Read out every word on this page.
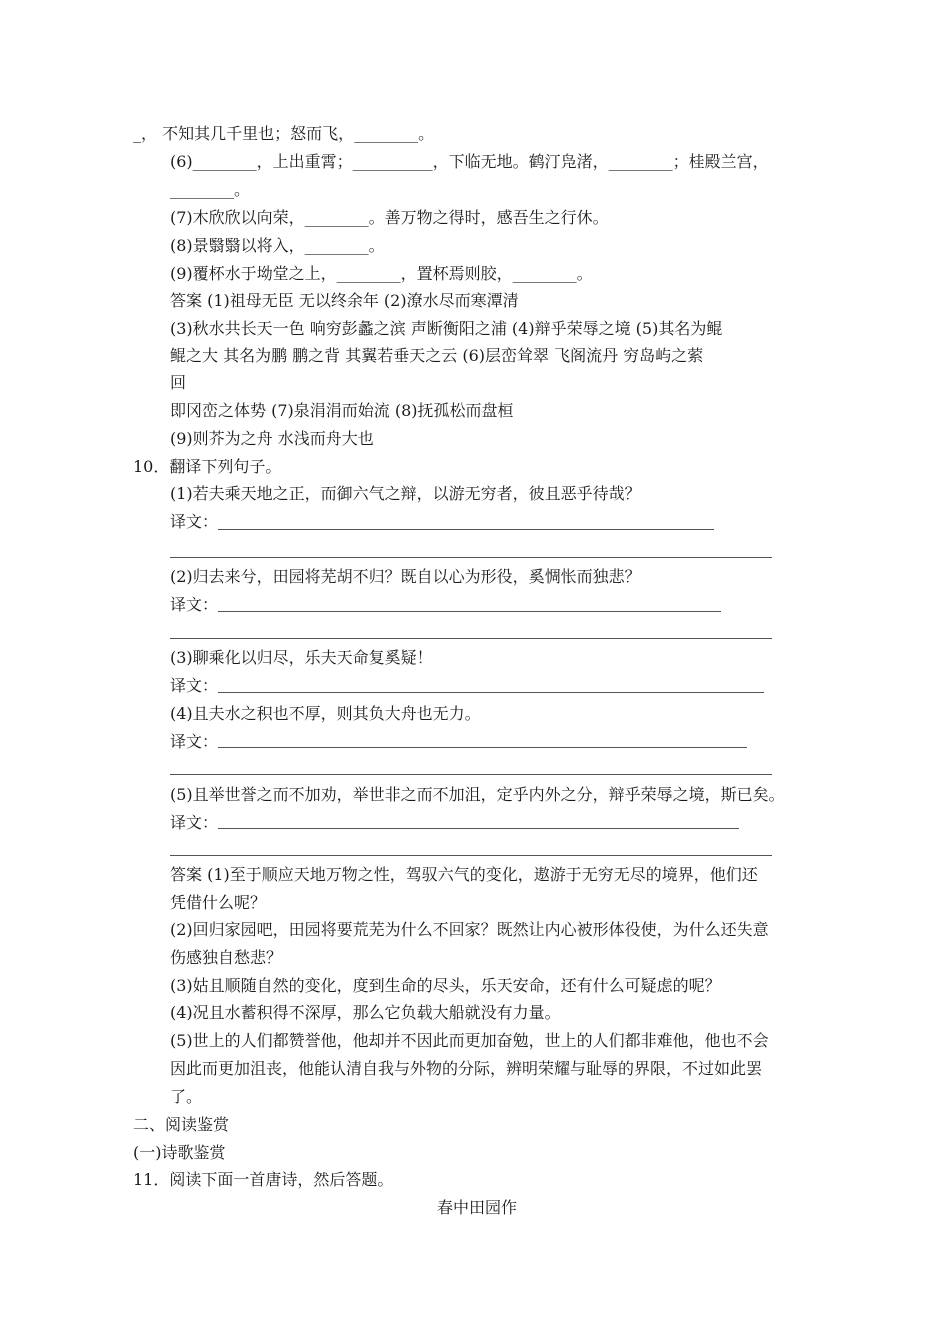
_， 不知其几千里也；怒而飞，________。
(6)________，上出重霄；__________，下临无地。鹤汀凫渚，________；桂殿兰宫，
________。
(7)木欣欣以向荣，________。善万物之得时，感吾生之行休。
(8)景翳翳以将入，________。
(9)覆杯水于坳堂之上，________，置杯焉则胶，________。
答案 (1)祖母无臣 无以终余年 (2)潦水尽而寒潭清
(3)秋水共长天一色 响穷彭蠡之滨 声断衡阳之浦 (4)辩乎荣辱之境 (5)其名为鲲
鲲之大 其名为鹏 鹏之背 其翼若垂天之云 (6)层峦耸翠 飞阁流丹 穷岛屿之萦
回
即冈峦之体势 (7)泉涓涓而始流 (8)抚孤松而盘桓
(9)则芥为之舟 水浅而舟大也
10．翻译下列句子。
(1)若夫乘天地之正，而御六气之辩，以游无穷者，彼且恶乎待哉？
译文：
(2)归去来兮，田园将芜胡不归？既自以心为形役，奚惆怅而独悲？
译文：
(3)聊乘化以归尽，乐夫天命复奚疑！
译文：
(4)且夫水之积也不厚，则其负大舟也无力。
译文：
(5)且举世誉之而不加劝，举世非之而不加沮，定乎内外之分，辩乎荣辱之境，斯已矣。
译文：
答案 (1)至于顺应天地万物之性，驾驭六气的变化，遨游于无穷无尽的境界，他们还
凭借什么呢？
(2)回归家园吧，田园将要荒芜为什么不回家？既然让内心被形体役使，为什么还失意
伤感独自愁悲？
(3)姑且顺随自然的变化，度到生命的尽头，乐天安命，还有什么可疑虑的呢？
(4)况且水蓄积得不深厚，那么它负载大船就没有力量。
(5)世上的人们都赞誉他，他却并不因此而更加奋勉，世上的人们都非难他，他也不会
因此而更加沮丧，他能认清自我与外物的分际，辨明荣耀与耻辱的界限，不过如此罢
了。
二、阅读鉴赏
(一)诗歌鉴赏
11．阅读下面一首唐诗，然后答题。
春中田园作
